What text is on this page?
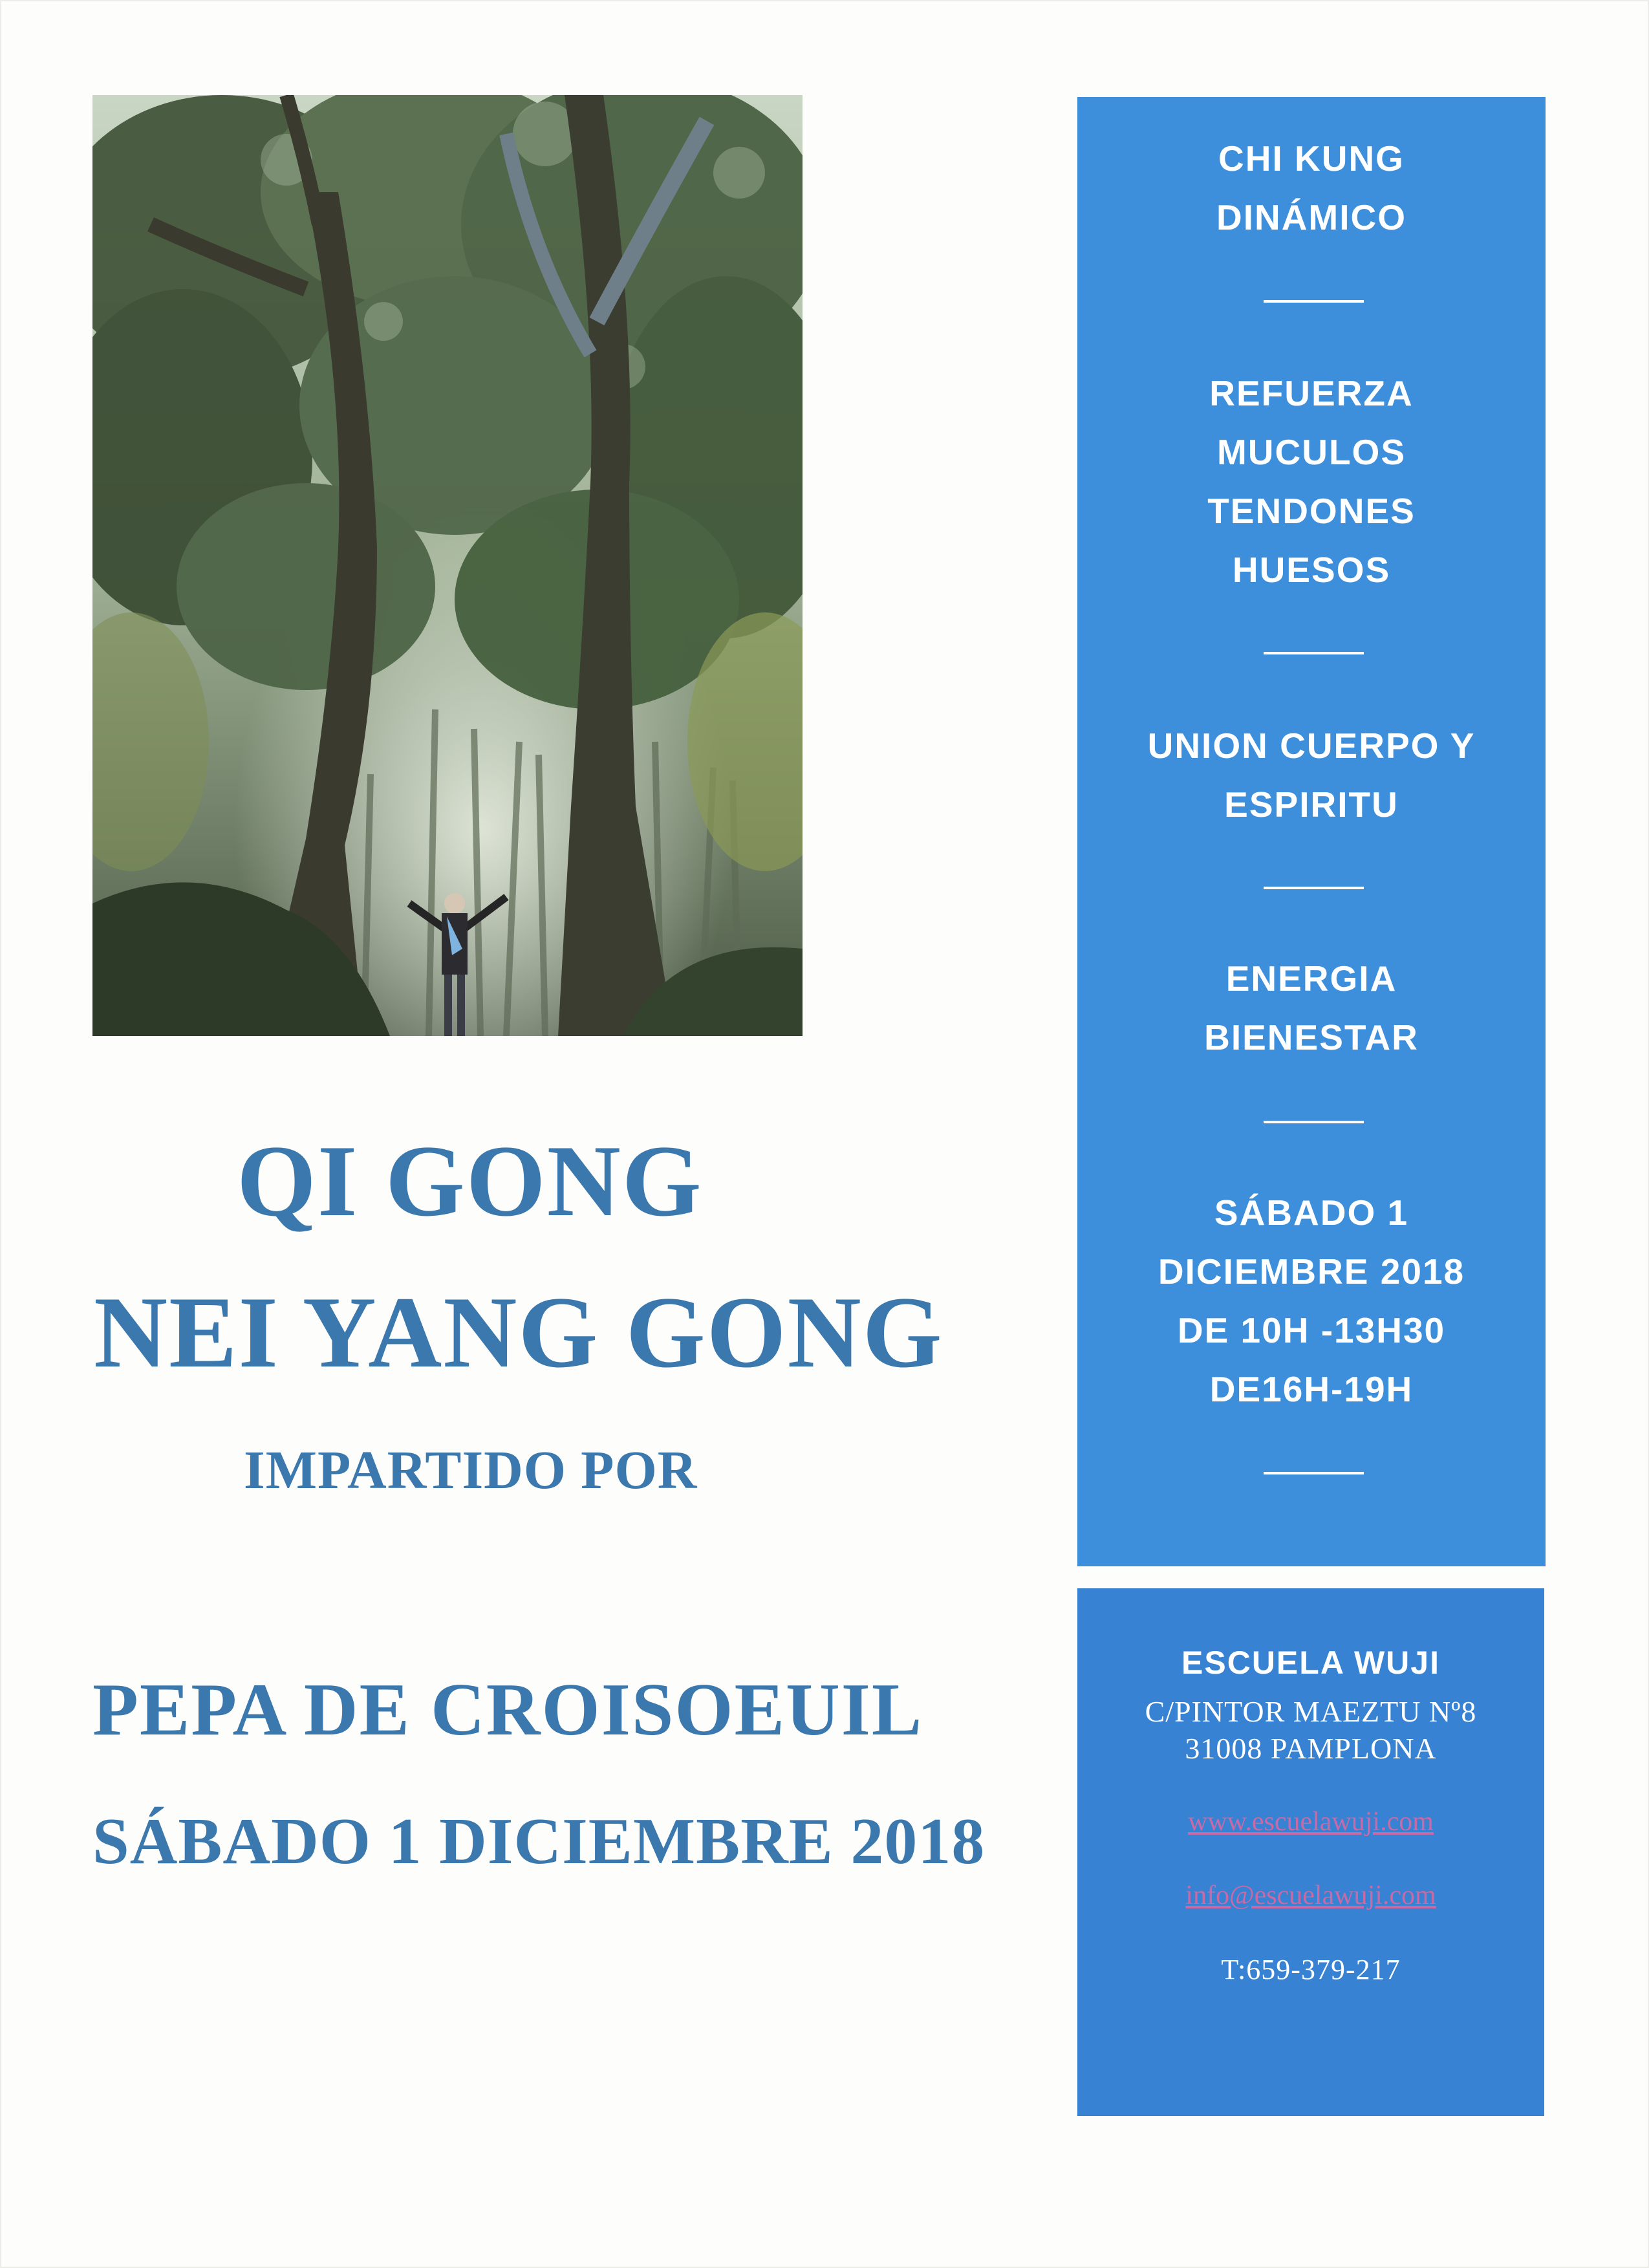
QI GONG
NEI YANG GONG
IMPARTIDO POR
PEPA DE CROISOEUIL
SÁBADO 1 DICIEMBRE 2018
CHI KUNG
DINÁMICO
REFUERZA
MUCULOS
TENDONES
HUESOS
UNION CUERPO Y
ESPIRITU
ENERGIA
BIENESTAR
SÁBADO 1
DICIEMBRE 2018
DE 10H -13H30
DE16H-19H
ESCUELA WUJI
C/PINTOR MAEZTU Nº8
31008 PAMPLONA
www.escuelawuji.com
info@escuelawuji.com
T:659-379-217
